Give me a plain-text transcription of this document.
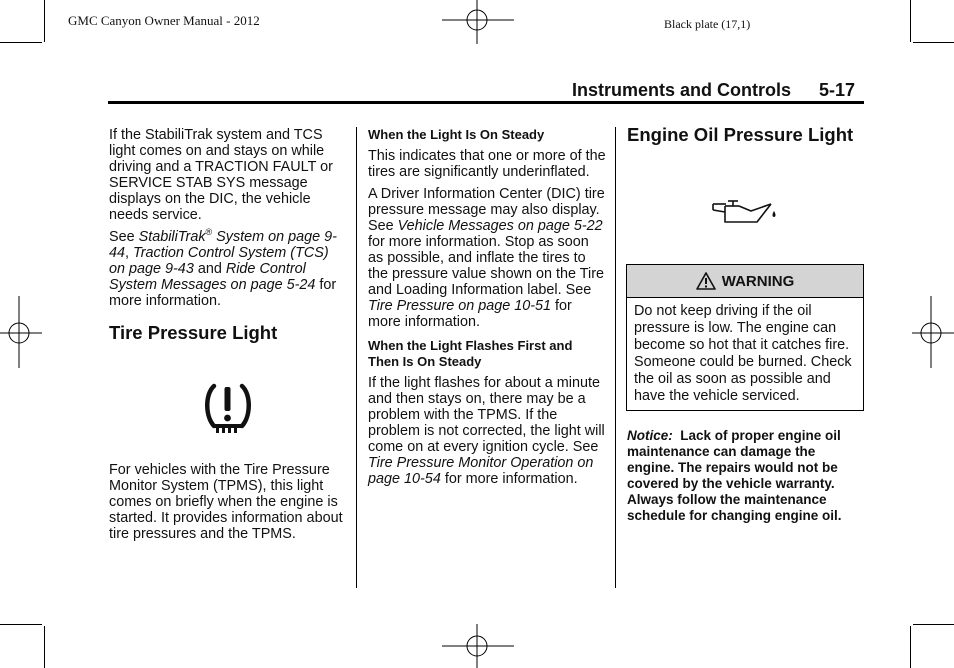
GMC Canyon Owner Manual - 2012	Black plate (17,1)
Instruments and Controls 5-17

If the StabiliTrak system and TCS light comes on and stays on while driving and a TRACTION FAULT or SERVICE STAB SYS message displays on the DIC, the vehicle needs service.

See StabiliTrak® System on page 9-44, Traction Control System (TCS) on page 9-43 and Ride Control System Messages on page 5-24 for more information.

Tire Pressure Light
For vehicles with the Tire Pressure Monitor System (TPMS), this light comes on briefly when the engine is started. It provides information about tire pressures and the TPMS.
When the Light Is On Steady

This indicates that one or more of the tires are significantly underinflated.

A Driver Information Center (DIC) tire pressure message may also display. See Vehicle Messages on page 5-22 for more information. Stop as soon as possible, and inflate the tires to the pressure value shown on the Tire and Loading Information label. See Tire Pressure on page 10-51 for more information.

When the Light Flashes First and Then Is On Steady

If the light flashes for about a minute and then stays on, there may be a problem with the TPMS. If the problem is not corrected, the light will come on at every ignition cycle. See Tire Pressure Monitor Operation on page 10-54 for more information.

Engine Oil Pressure Light
WARNING
Do not keep driving if the oil pressure is low. The engine can become so hot that it catches fire. Someone could be burned. Check the oil as soon as possible and have the vehicle serviced.
Notice: Lack of proper engine oil maintenance can damage the engine. The repairs would not be covered by the vehicle warranty. Always follow the maintenance schedule for changing engine oil.
